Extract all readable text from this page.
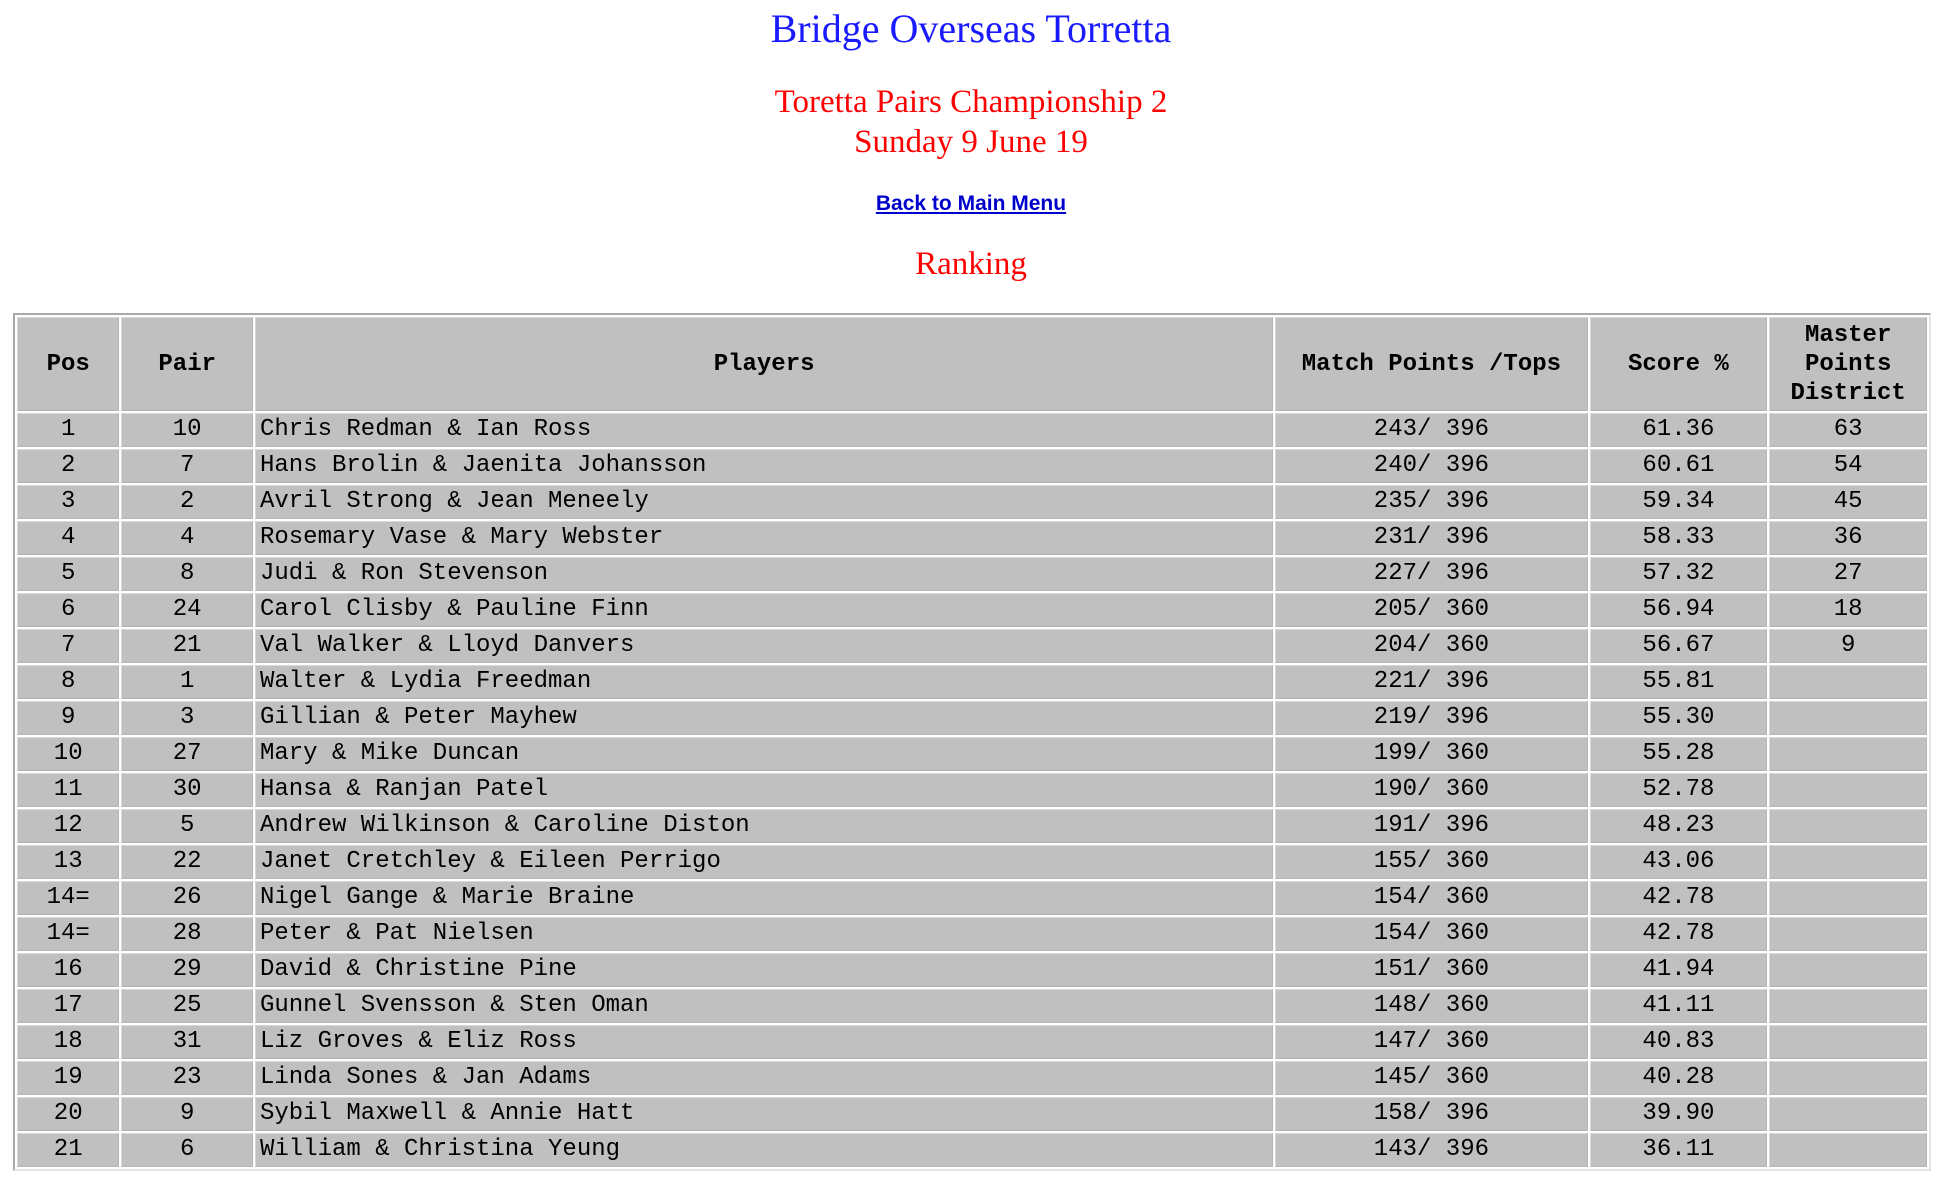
Bridge Overseas Torretta
Toretta Pairs Championship 2
Sunday 9 June 19
Back to Main Menu
Ranking
Pos	Pair	Players	Match Points /Tops	Score %	Master Points District
1	10	Chris Redman & Ian Ross	243/ 396	61.36	63
2	7	Hans Brolin & Jaenita Johansson	240/ 396	60.61	54
3	2	Avril Strong & Jean Meneely	235/ 396	59.34	45
4	4	Rosemary Vase & Mary Webster	231/ 396	58.33	36
5	8	Judi & Ron Stevenson	227/ 396	57.32	27
6	24	Carol Clisby & Pauline Finn	205/ 360	56.94	18
7	21	Val Walker & Lloyd Danvers	204/ 360	56.67	9
8	1	Walter & Lydia Freedman	221/ 396	55.81	
9	3	Gillian & Peter Mayhew	219/ 396	55.30	
10	27	Mary & Mike Duncan	199/ 360	55.28	
11	30	Hansa & Ranjan Patel	190/ 360	52.78	
12	5	Andrew Wilkinson & Caroline Diston	191/ 396	48.23	
13	22	Janet Cretchley & Eileen Perrigo	155/ 360	43.06	
14=	26	Nigel Gange & Marie Braine	154/ 360	42.78	
14=	28	Peter & Pat Nielsen	154/ 360	42.78	
16	29	David & Christine Pine	151/ 360	41.94	
17	25	Gunnel Svensson & Sten Oman	148/ 360	41.11	
18	31	Liz Groves & Eliz Ross	147/ 360	40.83	
19	23	Linda Sones & Jan Adams	145/ 360	40.28	
20	9	Sybil Maxwell & Annie Hatt	158/ 396	39.90	
21	6	William & Christina Yeung	143/ 396	36.11	
